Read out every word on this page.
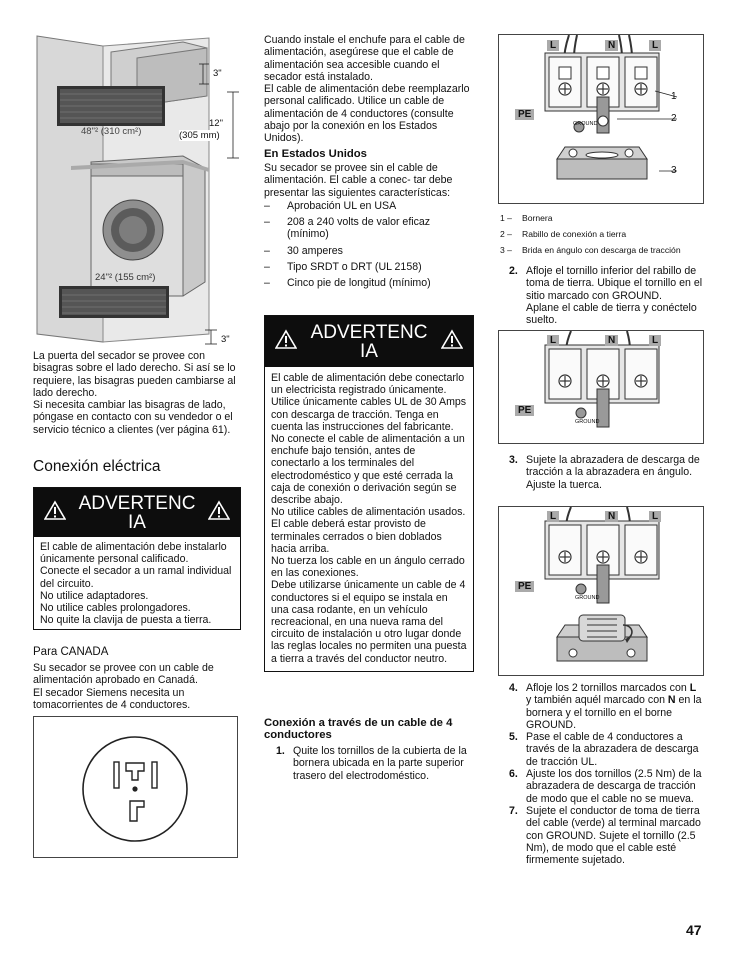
3"
12"
(305 mm)
48"² (310 cm²)
24"² (155 cm²)
3"

La puerta del secador se provee con bisagras sobre el lado derecho. Si así se lo requiere, las bisagras pueden cambiarse al lado derecho.

Si necesita cambiar las bisagras de lado, póngase en contacto con su vendedor o el servicio técnico a clientes (ver página 61).

Conexión eléctrica
ADVERTENCIA

El cable de alimentación debe instalarlo únicamente personal calificado.

Conecte el secador a un ramal individual del circuito.

No utilice adaptadores.

No utilice cables prolongadores.

No quite la clavija de puesta a tierra.

Para CANADA

Su secador se provee con un cable de alimentación aprobado en Canadá.

El secador Siemens necesita un tomacorrientes de 4 conductores.

Cuando instale el enchufe para el cable de alimentación, asegúrese que el cable de alimentación sea accesible cuando el secador está instalado.

El cable de alimentación debe reemplazarlo personal calificado. Utilice un cable de alimentación de 4 conductores (consulte abajo por la conexión en los Estados Unidos).

En Estados Unidos

Su secador se provee sin el cable de alimentación. El cable a conec- tar debe presentar las siguientes características:

– Aprobación UL en USA
– 208 a 240 volts de valor eficaz (mínimo)
– 30 amperes
– Tipo SRDT o DRT (UL 2158)
– Cinco pie de longitud (mínimo)
ADVERTENCIA

El cable de alimentación debe conectarlo un electricista registrado únicamente.

Utilice únicamente cables UL de 30 Amps con descarga de tracción. Tenga en cuenta las instrucciones del fabricante.

No conecte el cable de alimentación a un enchufe bajo tensión, antes de conectarlo a los terminales del electrodoméstico y que esté cerrada la caja de conexión o derivación según se describe abajo.

No utilice cables de alimentación usados. El cable deberá estar provisto de terminales cerrados o bien doblados hacia arriba.

No tuerza los cable en un ángulo cerrado en las conexiones.

Debe utilizarse únicamente un cable de 4 conductores si el equipo se instala en una casa rodante, en un vehículo recreacional, en una nueva rama del circuito de instalación u otro lugar donde las reglas locales no permiten una puesta a tierra a través del conductor neutro.

Conexión a través de un cable de 4 conductores
1. Quite los tornillos de la cubierta de la bornera ubicada en la parte superior trasero del electrodoméstico.
L	N	L
PE
GROUND
1
2
3
1 – Bornera
2 – Rabillo de conexión a tierra
3 – Brida en ángulo con descarga de tracción
2. Afloje el tornillo inferior del rabillo de toma de tierra. Ubique el tornillo en el sitio marcado con GROUND.
Aplane el cable de tierra y conéctelo suelto.
L	N	L
PE
GROUND
3. Sujete la abrazadera de descarga de tracción a la abrazadera en ángulo.
Ajuste la tuerca.
L	N	L
PE
GROUND
4. Afloje los 2 tornillos marcados con L y también aquél marcado con N en la bornera y el tornillo en el borne GROUND.
5. Pase el cable de 4 conductores a través de la abrazadera de descarga de tracción UL.
6. Ajuste los dos tornillos (2.5 Nm) de la abrazadera de descarga de tracción de modo que el cable no se mueva.
7. Sujete el conductor de toma de tierra del cable (verde) al terminal marcado con GROUND. Sujete el tornillo (2.5 Nm), de modo que el cable esté firmemente sujetado.
47
